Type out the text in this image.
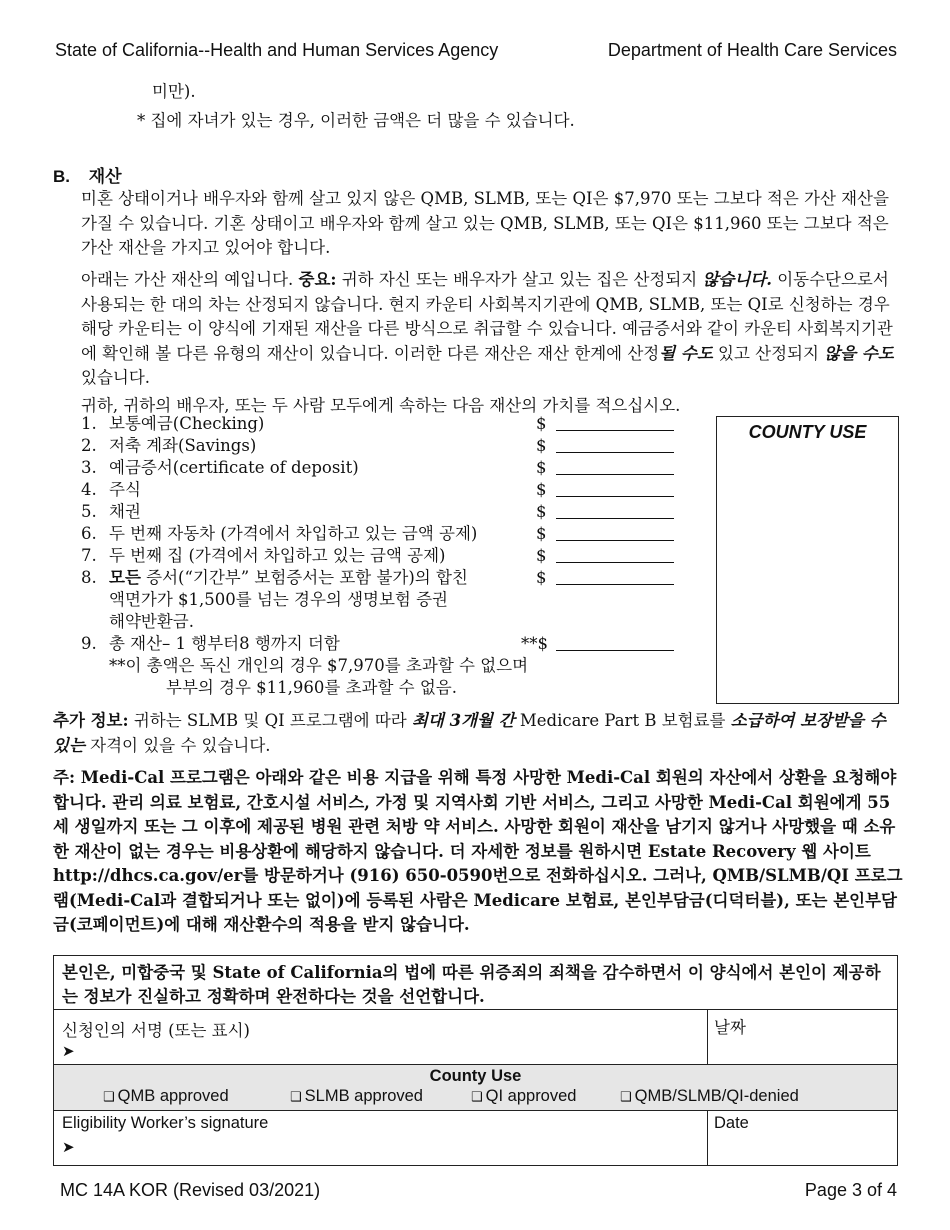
State of California--Health and Human Services Agency	Department of Health Care Services
미만).
* 집에 자녀가 있는 경우, 이러한 금액은 더 많을 수 있습니다.
B. 재산

미혼 상태이거나 배우자와 함께 살고 있지 않은 QMB, SLMB, 또는 QI은 $7,970 또는 그보다 적은 가산 재산을 가질 수 있습니다. 기혼 상태이고 배우자와 함께 살고 있는 QMB, SLMB, 또는 QI은 $11,960 또는 그보다 적은 가산 재산을 가지고 있어야 합니다.

아래는 가산 재산의 예입니다. 중요: 귀하 자신 또는 배우자가 살고 있는 집은 산정되지 않습니다. 이동수단으로서 사용되는 한 대의 차는 산정되지 않습니다. 현지 카운티 사회복지기관에 QMB, SLMB, 또는 QI로 신청하는 경우 해당 카운티는 이 양식에 기재된 재산을 다른 방식으로 취급할 수 있습니다. 예금증서와 같이 카운티 사회복지기관에 확인해 볼 다른 유형의 재산이 있습니다. 이러한 다른 재산은 재산 한계에 산정될 수도 있고 산정되지 않을 수도 있습니다.

귀하, 귀하의 배우자, 또는 두 사람 모두에게 속하는 다음 재산의 가치를 적으십시오.
1. 보통예금(Checking)	$
2. 저축 계좌(Savings)	$
3. 예금증서(certificate of deposit)	$
4. 주식	$
5. 채권	$
6. 두 번째 자동차 (가격에서 차입하고 있는 금액 공제)	$
7. 두 번째 집 (가격에서 차입하고 있는 금액 공제)	$
8. 모든 증서(“기간부” 보험증서는 포함 불가)의 합친
액면가가 $1,500를 넘는 경우의 생명보험 증권
해약반환금.
$
9. 총 재산– 1 행부터8 행까지 더함	**$
**이 총액은 독신 개인의 경우 $7,970를 초과할 수 없으며
부부의 경우 $11,960를 초과할 수 없음.
COUNTY USE

추가 정보: 귀하는 SLMB 및 QI 프로그램에 따라 최대 3개월 간 Medicare Part B 보험료를 소급하여 보장받을 수 있는 자격이 있을 수 있습니다.

주: Medi-Cal 프로그램은 아래와 같은 비용 지급을 위해 특정 사망한 Medi-Cal 회원의 자산에서 상환을 요청해야 합니다. 관리 의료 보험료, 간호시설 서비스, 가정 및 지역사회 기반 서비스, 그리고 사망한 Medi-Cal 회원에게 55세 생일까지 또는 그 이후에 제공된 병원 관련 처방 약 서비스. 사망한 회원이 재산을 남기지 않거나 사망했을 때 소유한 재산이 없는 경우는 비용상환에 해당하지 않습니다. 더 자세한 정보를 원하시면 Estate Recovery 웹 사이트 http://dhcs.ca.gov/er를 방문하거나 (916) 650-0590번으로 전화하십시오. 그러나, QMB/SLMB/QI 프로그램(Medi-Cal과 결합되거나 또는 없이)에 등록된 사람은 Medicare 보험료, 본인부담금(디덕터블), 또는 본인부담금(코페이먼트)에 대해 재산환수의 적용을 받지 않습니다.

본인은, 미합중국 및 State of California의 법에 따른 위증죄의 죄책을 감수하면서 이 양식에서 본인이 제공하는 정보가 진실하고 정확하며 완전하다는 것을 선언합니다.
신청인의 서명 (또는 표시)
➤
날짜
County Use
❑ QMB approved	❑ SLMB approved	❑ QI approved	❑ QMB/SLMB/QI-denied
Eligibility Worker’s signature
➤
Date
MC 14A KOR (Revised 03/2021)	Page 3 of 4
